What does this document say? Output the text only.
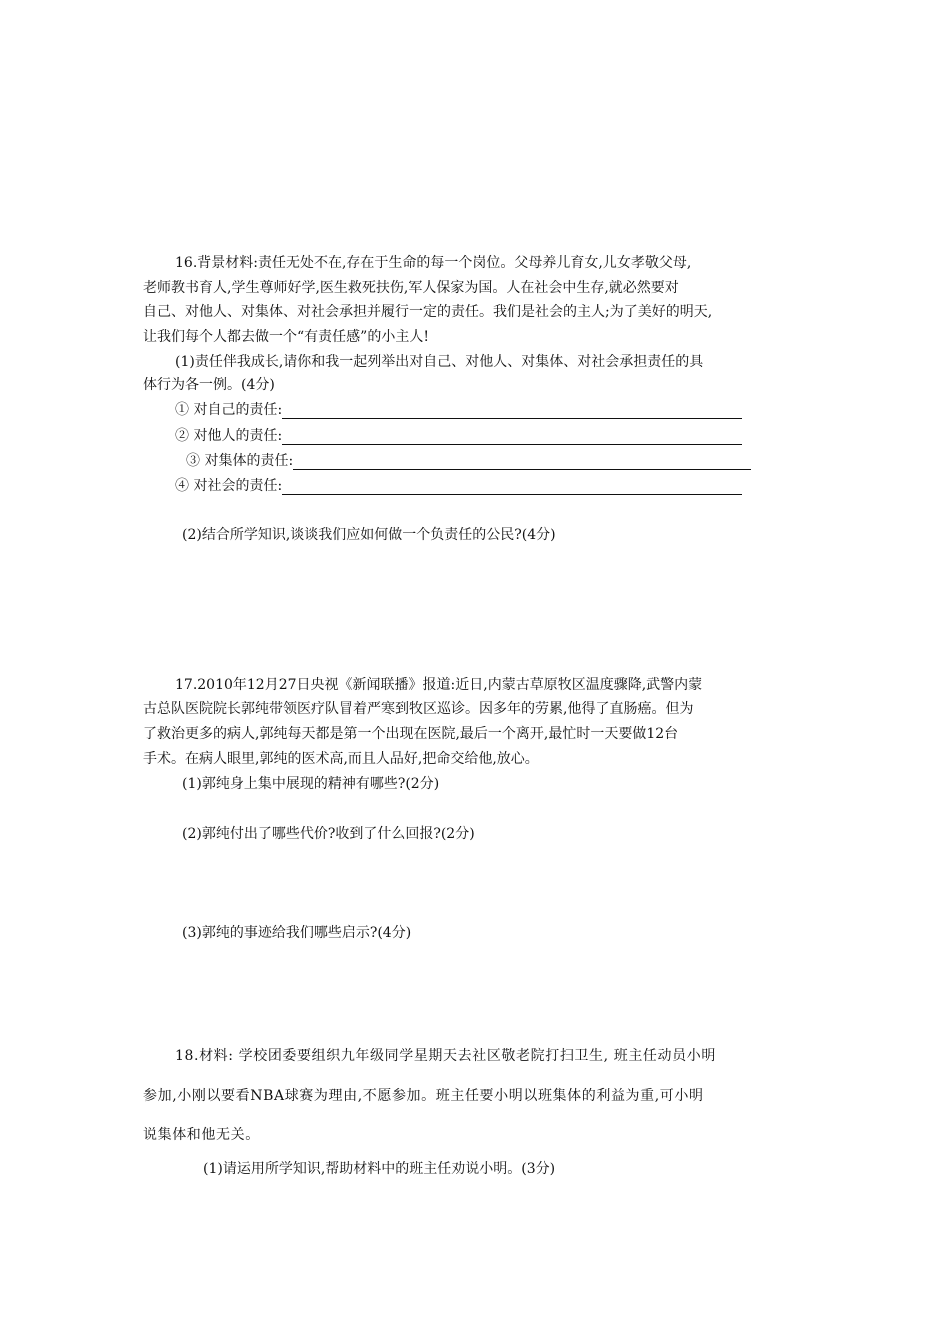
16.背景材料:责任无处不在,存在于生命的每一个岗位。父母养儿育女,儿女孝敬父母,
老师教书育人,学生尊师好学,医生救死扶伤,军人保家为国。人在社会中生存,就必然要对
自己、对他人、对集体、对社会承担并履行一定的责任。我们是社会的主人;为了美好的明天,
让我们每个人都去做一个“有责任感”的小主人!
(1)责任伴我成长,请你和我一起列举出对自己、对他人、对集体、对社会承担责任的具
体行为各一例。(4分)
① 对自己的责任:
② 对他人的责任:
③ 对集体的责任:
④ 对社会的责任:
(2)结合所学知识,谈谈我们应如何做一个负责任的公民?(4分)
17.2010年12月27日央视《新闻联播》报道:近日,内蒙古草原牧区温度骤降,武警内蒙
古总队医院院长郭纯带领医疗队冒着严寒到牧区巡诊。因多年的劳累,他得了直肠癌。但为
了救治更多的病人,郭纯每天都是第一个出现在医院,最后一个离开,最忙时一天要做12台
手术。在病人眼里,郭纯的医术高,而且人品好,把命交给他,放心。
(1)郭纯身上集中展现的精神有哪些?(2分)
(2)郭纯付出了哪些代价?收到了什么回报?(2分)
(3)郭纯的事迹给我们哪些启示?(4分)
18.材料: 学校团委要组织九年级同学星期天去社区敬老院打扫卫生, 班主任动员小明
参加,小刚以要看NBA球赛为理由,不愿参加。班主任要小明以班集体的利益为重,可小明
说集体和他无关。
(1)请运用所学知识,帮助材料中的班主任劝说小明。(3分)
